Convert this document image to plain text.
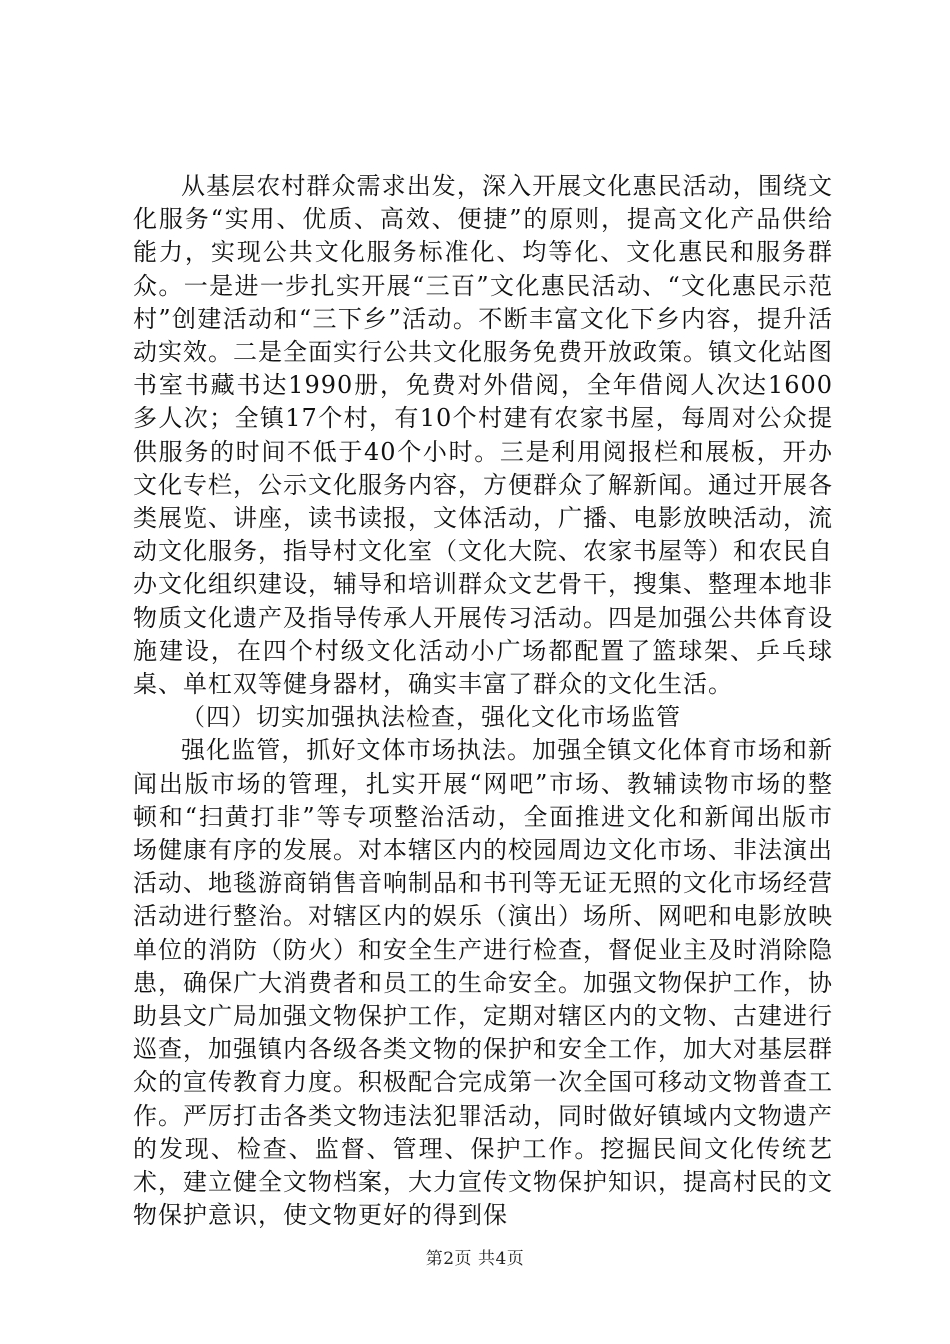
从基层农村群众需求出发，深入开展文化惠民活动，围绕文化服务“实用、优质、高效、便捷”的原则，提高文化产品供给能力，实现公共文化服务标准化、均等化、文化惠民和服务群众。一是进一步扎实开展“三百”文化惠民活动、“文化惠民示范村”创建活动和“三下乡”活动。不断丰富文化下乡内容，提升活动实效。二是全面实行公共文化服务免费开放政策。镇文化站图书室书藏书达1990册，免费对外借阅，全年借阅人次达1600多人次；全镇17个村，有10个村建有农家书屋，每周对公众提供服务的时间不低于40个小时。三是利用阅报栏和展板，开办文化专栏，公示文化服务内容，方便群众了解新闻。通过开展各类展览、讲座，读书读报，文体活动，广播、电影放映活动，流动文化服务，指导村文化室（文化大院、农家书屋等）和农民自办文化组织建设，辅导和培训群众文艺骨干，搜集、整理本地非物质文化遗产及指导传承人开展传习活动。四是加强公共体育设施建设，在四个村级文化活动小广场都配置了篮球架、乒乓球桌、单杠双等健身器材，确实丰富了群众的文化生活。

（四）切实加强执法检查，强化文化市场监管

强化监管，抓好文体市场执法。加强全镇文化体育市场和新闻出版市场的管理，扎实开展“网吧”市场、教辅读物市场的整顿和“扫黄打非”等专项整治活动，全面推进文化和新闻出版市场健康有序的发展。对本辖区内的校园周边文化市场、非法演出活动、地毯游商销售音响制品和书刊等无证无照的文化市场经营活动进行整治。对辖区内的娱乐（演出）场所、网吧和电影放映单位的消防（防火）和安全生产进行检查，督促业主及时消除隐患，确保广大消费者和员工的生命安全。加强文物保护工作，协助县文广局加强文物保护工作，定期对辖区内的文物、古建进行巡查，加强镇内各级各类文物的保护和安全工作，加大对基层群众的宣传教育力度。积极配合完成第一次全国可移动文物普查工作。严厉打击各类文物违法犯罪活动，同时做好镇域内文物遗产的发现、检查、监督、管理、保护工作。挖掘民间文化传统艺术，建立健全文物档案，大力宣传文物保护知识，提高村民的文物保护意识，使文物更好的得到保

第2页 共4页
